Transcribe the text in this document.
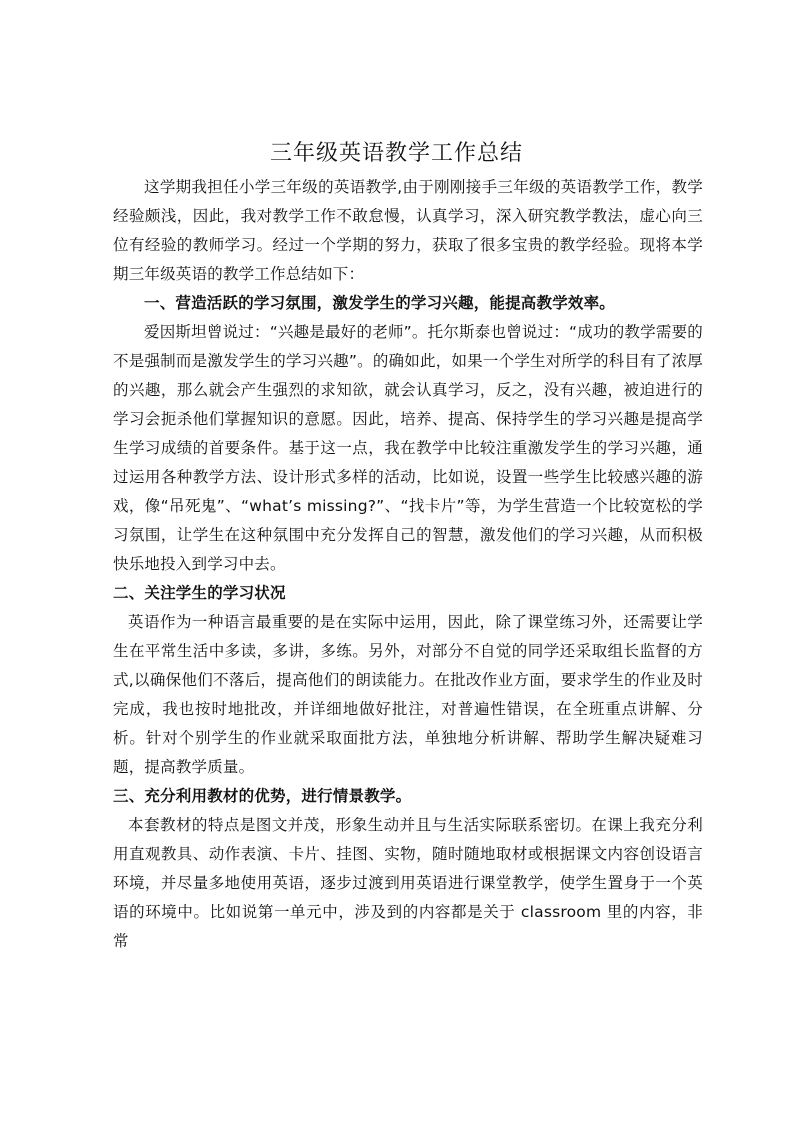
三年级英语教学工作总结

这学期我担任小学三年级的英语教学,由于刚刚接手三年级的英语教学工作，教学经验颇浅，因此，我对教学工作不敢怠慢，认真学习，深入研究教学教法，虚心向三位有经验的教师学习。经过一个学期的努力，获取了很多宝贵的教学经验。现将本学期三年级英语的教学工作总结如下：

一、营造活跃的学习氛围，激发学生的学习兴趣，能提高教学效率。

爱因斯坦曾说过：“兴趣是最好的老师”。托尔斯泰也曾说过：“成功的教学需要的不是强制而是激发学生的学习兴趣”。的确如此，如果一个学生对所学的科目有了浓厚的兴趣，那么就会产生强烈的求知欲，就会认真学习，反之，没有兴趣，被迫进行的学习会扼杀他们掌握知识的意愿。因此，培养、提高、保持学生的学习兴趣是提高学生学习成绩的首要条件。基于这一点，我在教学中比较注重激发学生的学习兴趣，通过运用各种教学方法、设计形式多样的活动，比如说，设置一些学生比较感兴趣的游戏，像“吊死鬼”、“what’s missing?”、“找卡片”等，为学生营造一个比较宽松的学习氛围，让学生在这种氛围中充分发挥自己的智慧，激发他们的学习兴趣，从而积极快乐地投入到学习中去。

二、关注学生的学习状况

英语作为一种语言最重要的是在实际中运用，因此，除了课堂练习外，还需要让学生在平常生活中多读，多讲，多练。另外，对部分不自觉的同学还采取组长监督的方式,以确保他们不落后，提高他们的朗读能力。在批改作业方面，要求学生的作业及时完成，我也按时地批改，并详细地做好批注，对普遍性错误，在全班重点讲解、分析。针对个别学生的作业就采取面批方法，单独地分析讲解、帮助学生解决疑难习题，提高教学质量。

三、充分利用教材的优势，进行情景教学。

本套教材的特点是图文并茂，形象生动并且与生活实际联系密切。在课上我充分利用直观教具、动作表演、卡片、挂图、实物，随时随地取材或根据课文内容创设语言环境，并尽量多地使用英语，逐步过渡到用英语进行课堂教学，使学生置身于一个英语的环境中。比如说第一单元中，涉及到的内容都是关于 classroom 里的内容，非常
